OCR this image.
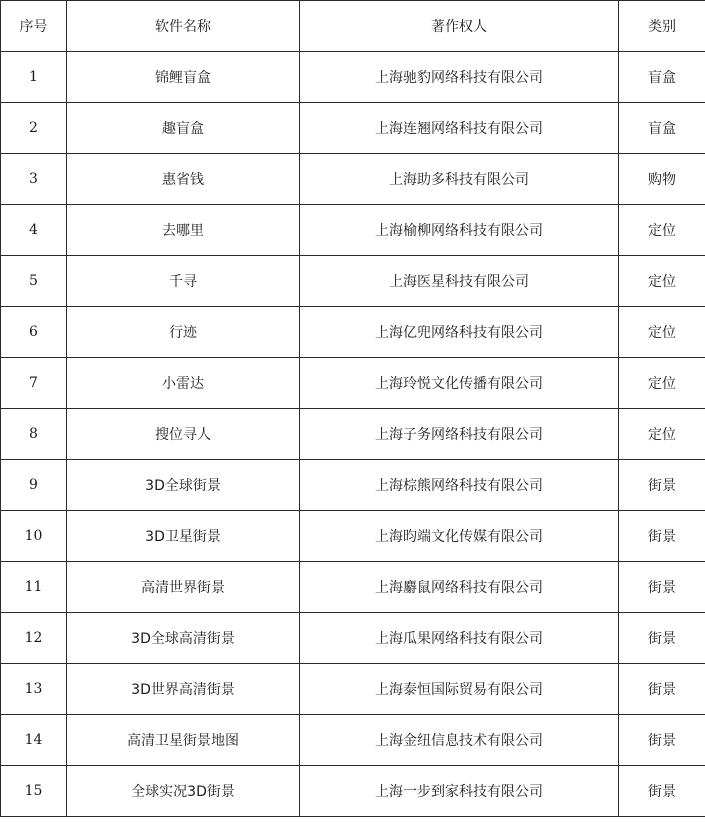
序号	软件名称	著作权人	类别
1	锦鲤盲盒	上海驰豹网络科技有限公司	盲盒
2	趣盲盒	上海连翘网络科技有限公司	盲盒
3	惠省钱	上海助多科技有限公司	购物
4	去哪里	上海榆柳网络科技有限公司	定位
5	千寻	上海医星科技有限公司	定位
6	行迹	上海亿兜网络科技有限公司	定位
7	小雷达	上海玲悦文化传播有限公司	定位
8	搜位寻人	上海子务网络科技有限公司	定位
9	3D全球街景	上海棕熊网络科技有限公司	街景
10	3D卫星街景	上海昀端文化传媒有限公司	街景
11	高清世界街景	上海麝鼠网络科技有限公司	街景
12	3D全球高清街景	上海瓜果网络科技有限公司	街景
13	3D世界高清街景	上海泰恒国际贸易有限公司	街景
14	高清卫星街景地图	上海金纽信息技术有限公司	街景
15	全球实况3D街景	上海一步到家科技有限公司	街景
